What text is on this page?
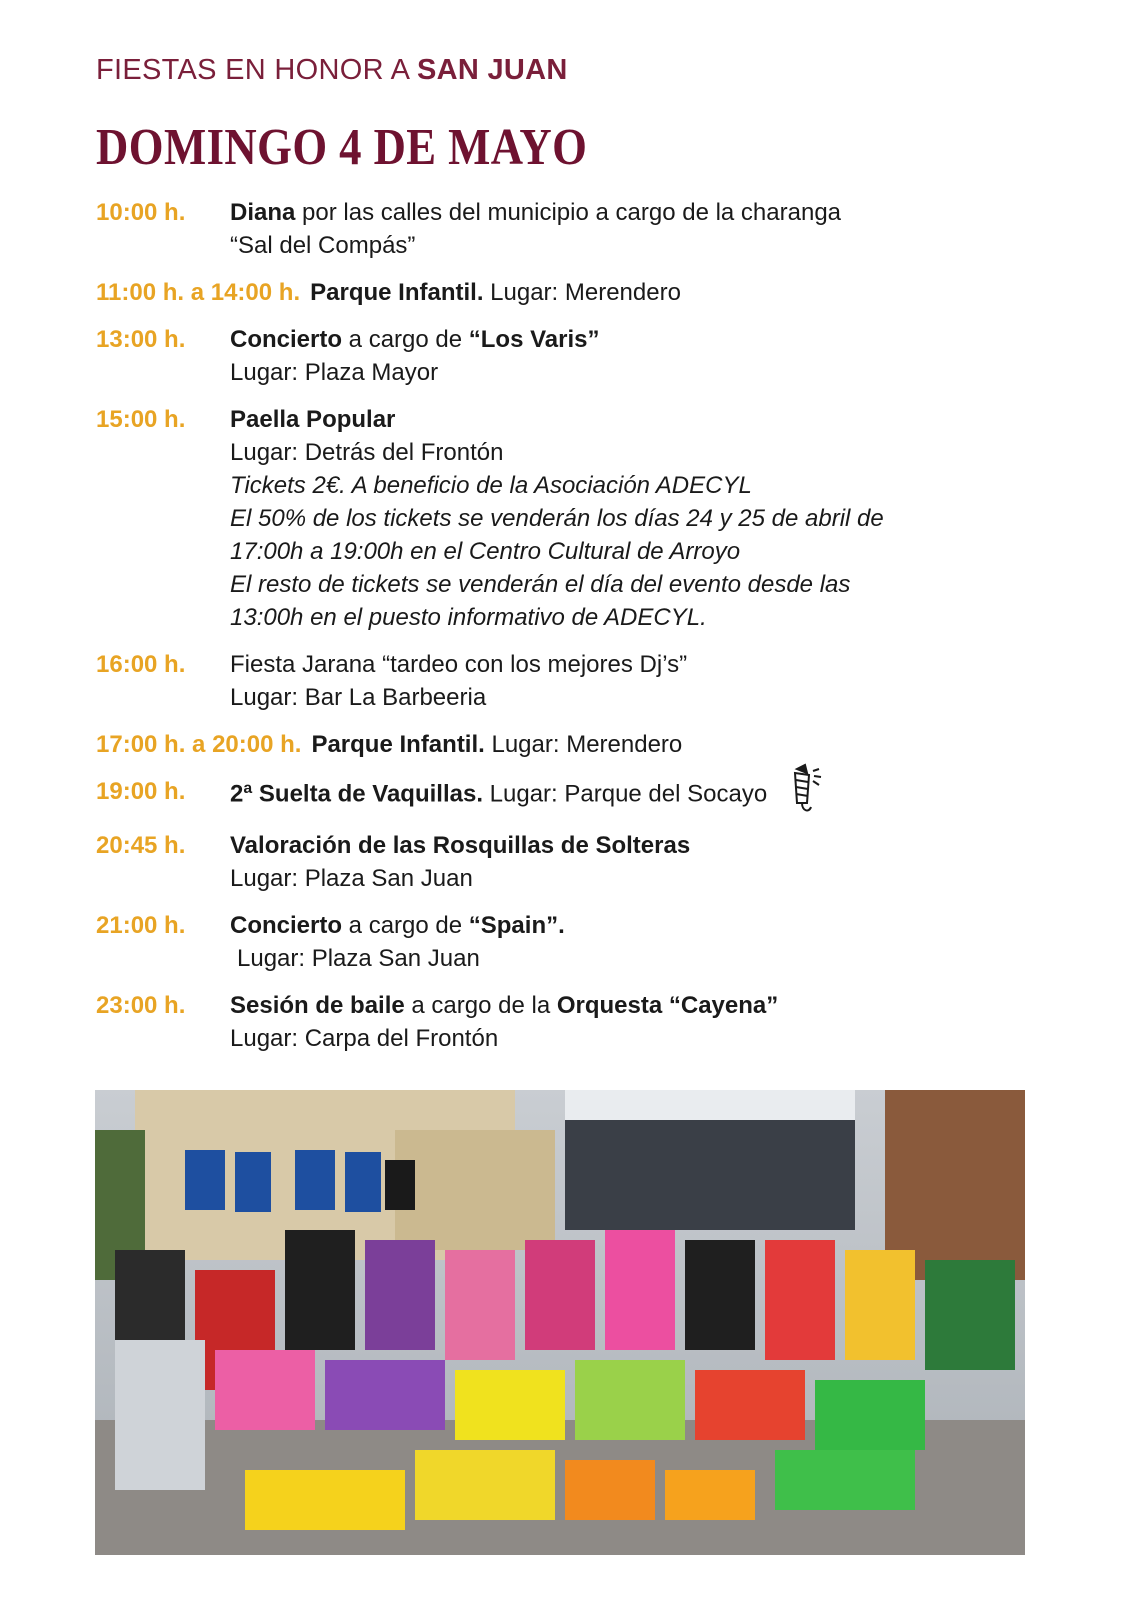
FIESTAS EN HONOR A SAN JUAN
DOMINGO 4 DE MAYO
10:00 h.	Diana por las calles del municipio a cargo de la charanga
“Sal del Compás”
11:00 h. a 14:00 h. Parque Infantil. Lugar: Merendero
13:00 h.	Concierto a cargo de “Los Varis”
Lugar: Plaza Mayor
15:00 h.	Paella Popular
Lugar: Detrás del Frontón
Tickets 2€. A beneficio de la Asociación ADECYL
El 50% de los tickets se venderán los días 24 y 25 de abril de
17:00h a 19:00h en el Centro Cultural de Arroyo
El resto de tickets se venderán el día del evento desde las
13:00h en el puesto informativo de ADECYL.
16:00 h.	Fiesta Jarana “tardeo con los mejores Dj’s”
Lugar: Bar La Barbeeria
17:00 h. a 20:00 h. Parque Infantil. Lugar: Merendero
19:00 h.	2ª Suelta de Vaquillas. Lugar: Parque del Socayo
20:45 h.	Valoración de las Rosquillas de Solteras
Lugar: Plaza San Juan
21:00 h.	Concierto a cargo de “Spain”.
Lugar: Plaza San Juan
23:00 h.	Sesión de baile a cargo de la Orquesta “Cayena”
Lugar: Carpa del Frontón
